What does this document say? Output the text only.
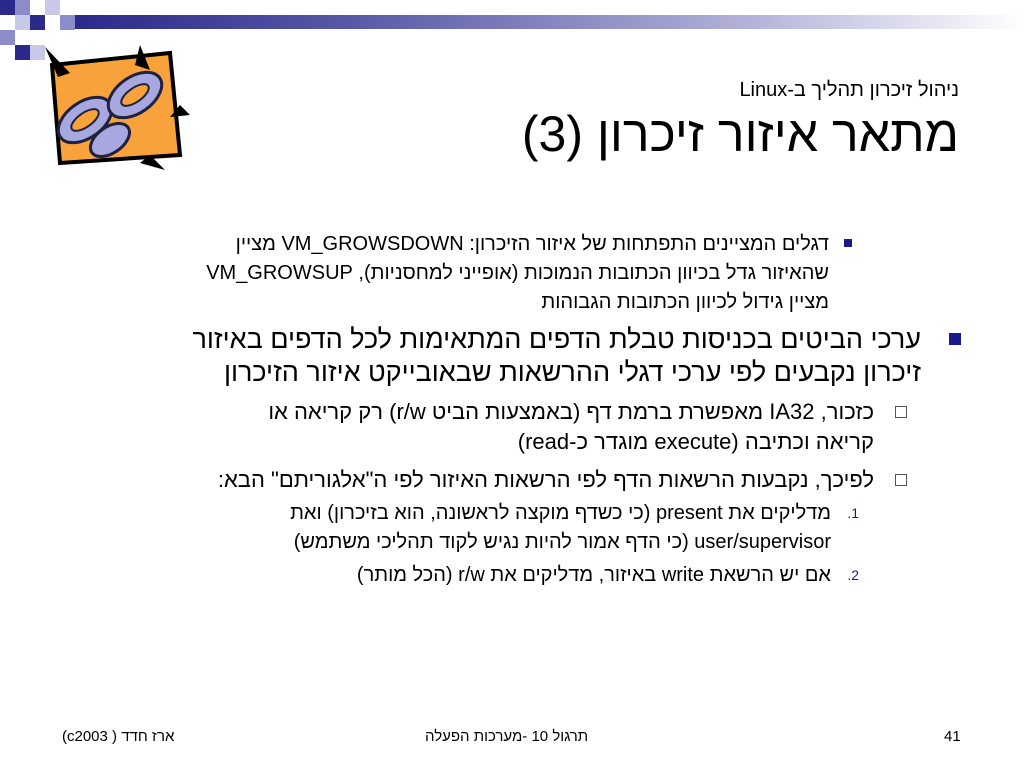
ניהול זיכרון תהליך ב-Linux
מתאר איזור זיכרון (3)
דגלים המציינים התפתחות של איזור הזיכרון: VM_GROWSDOWN מציין
שהאיזור גדל בכיוון הכתובות הנמוכות (אופייני למחסניות), VM_GROWSUP
מציין גידול לכיוון הכתובות הגבוהות
ערכי הביטים בכניסות טבלת הדפים המתאימות לכל הדפים באיזור
זיכרון נקבעים לפי ערכי דגלי ההרשאות שבאובייקט איזור הזיכרון
כזכור, IA32 מאפשרת ברמת דף (באמצעות הביט r/w) רק קריאה או
קריאה וכתיבה (execute מוגדר כ-read)
לפיכך, נקבעות הרשאות הדף לפי הרשאות האיזור לפי ה"אלגוריתם" הבא:
1.
מדליקים את present (כי כשדף מוקצה לראשונה, הוא בזיכרון) ואת
user/supervisor (כי הדף אמור להיות נגיש לקוד תהליכי משתמש)
2.
אם יש הרשאת write באיזור, מדליקים את r/w (הכל מותר)
(c2003 ) ארז חדד	תרגול 10 -מערכות הפעלה	41
